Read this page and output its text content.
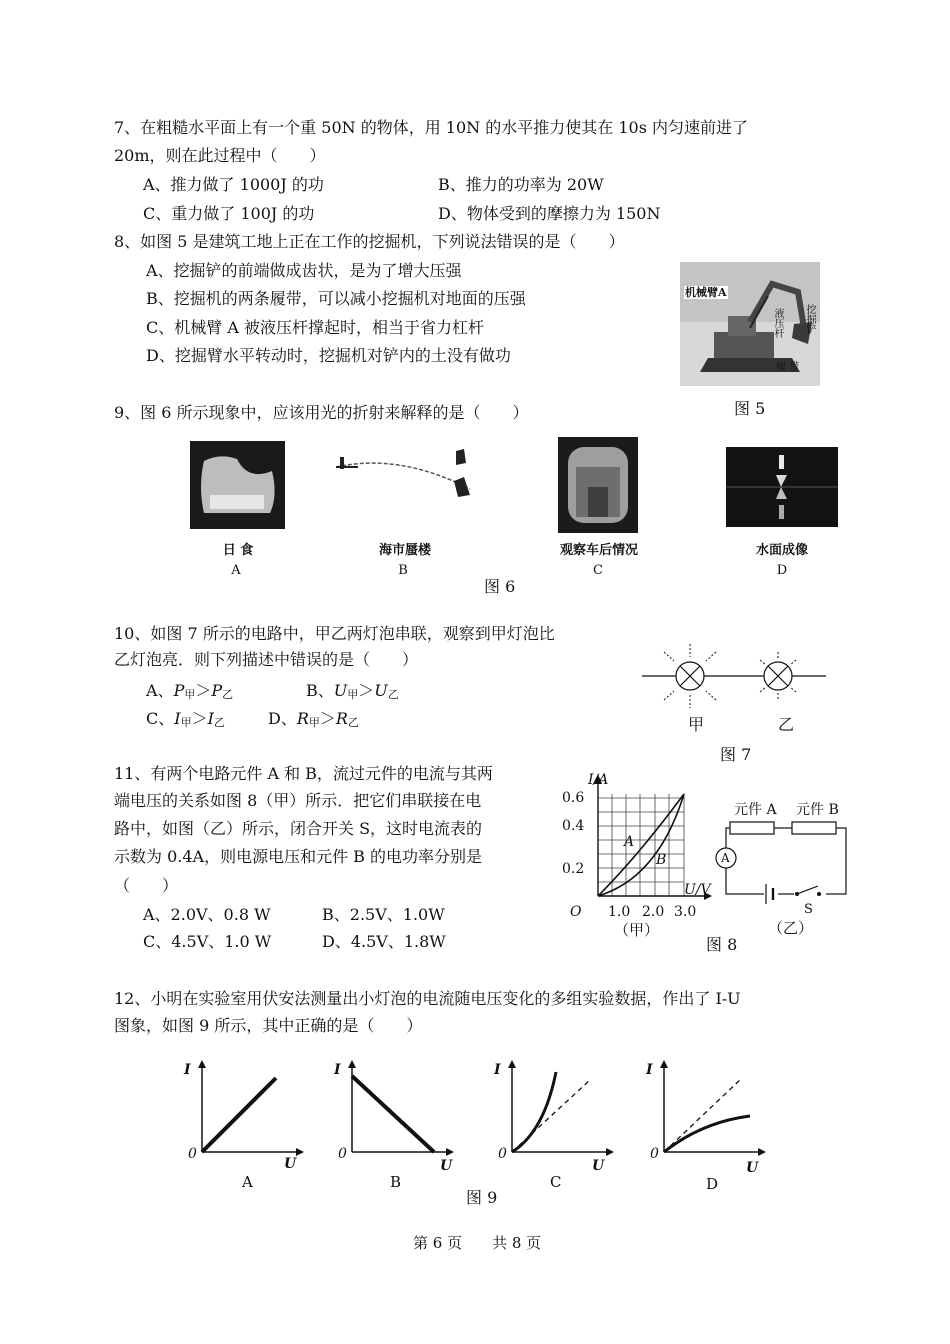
7、在粗糙水平面上有一个重 50N 的物体，用 10N 的水平推力使其在 10s 内匀速前进了
20m，则在此过程中（　　）
A、推力做了 1000J 的功	B、推力的功率为 20W
C、重力做了 100J 的功	D、物体受到的摩擦力为 150N
8、如图 5 是建筑工地上正在工作的挖掘机，下列说法错误的是（　　）
A、挖掘铲的前端做成齿状，是为了增大压强
B、挖掘机的两条履带，可以减小挖掘机对地面的压强
C、机械臂 A 被液压杆撑起时，相当于省力杠杆
D、挖掘臂水平转动时，挖掘机对铲内的土没有做功
机械臂A
液压杆 挖掘铲
履 带
图 5
9、图 6 所示现象中，应该用光的折射来解释的是（　　）
日 食	海市蜃楼	观察车后情况	水面成像
A	B	C	D
图 6
10、如图 7 所示的电路中，甲乙两灯泡串联，观察到甲灯泡比
乙灯泡亮．则下列描述中错误的是（　　）
A、P甲＞P乙	B、U甲＞U乙
C、I甲＞I乙	D、R甲＞R乙	甲	乙
图 7
11、有两个电路元件 A 和 B，流过元件的电流与其两
端电压的关系如图 8（甲）所示．把它们串联接在电
路中，如图（乙）所示，闭合开关 S，这时电流表的
示数为 0.4A，则电源电压和元件 B 的电功率分别是
（　　）
A、2.0V、0.8 W	B、2.5V、1.0W
C、4.5V、1.0 W	D、4.5V、1.8W
I/A
U/V
O
0.6
0.4
0.2
1.0 2.0 3.0
A
B
（甲）
图 8
元件 A 元件 B
A
S
（乙）
12、小明在实验室用伏安法测量出小灯泡的电流随电压变化的多组实验数据，作出了 I-U
图象，如图 9 所示，其中正确的是（　　）
I
U
0
A
I
U
0
B
I
U
0
C
I
U
0
D
图 9
第 6 页　　共 8 页
